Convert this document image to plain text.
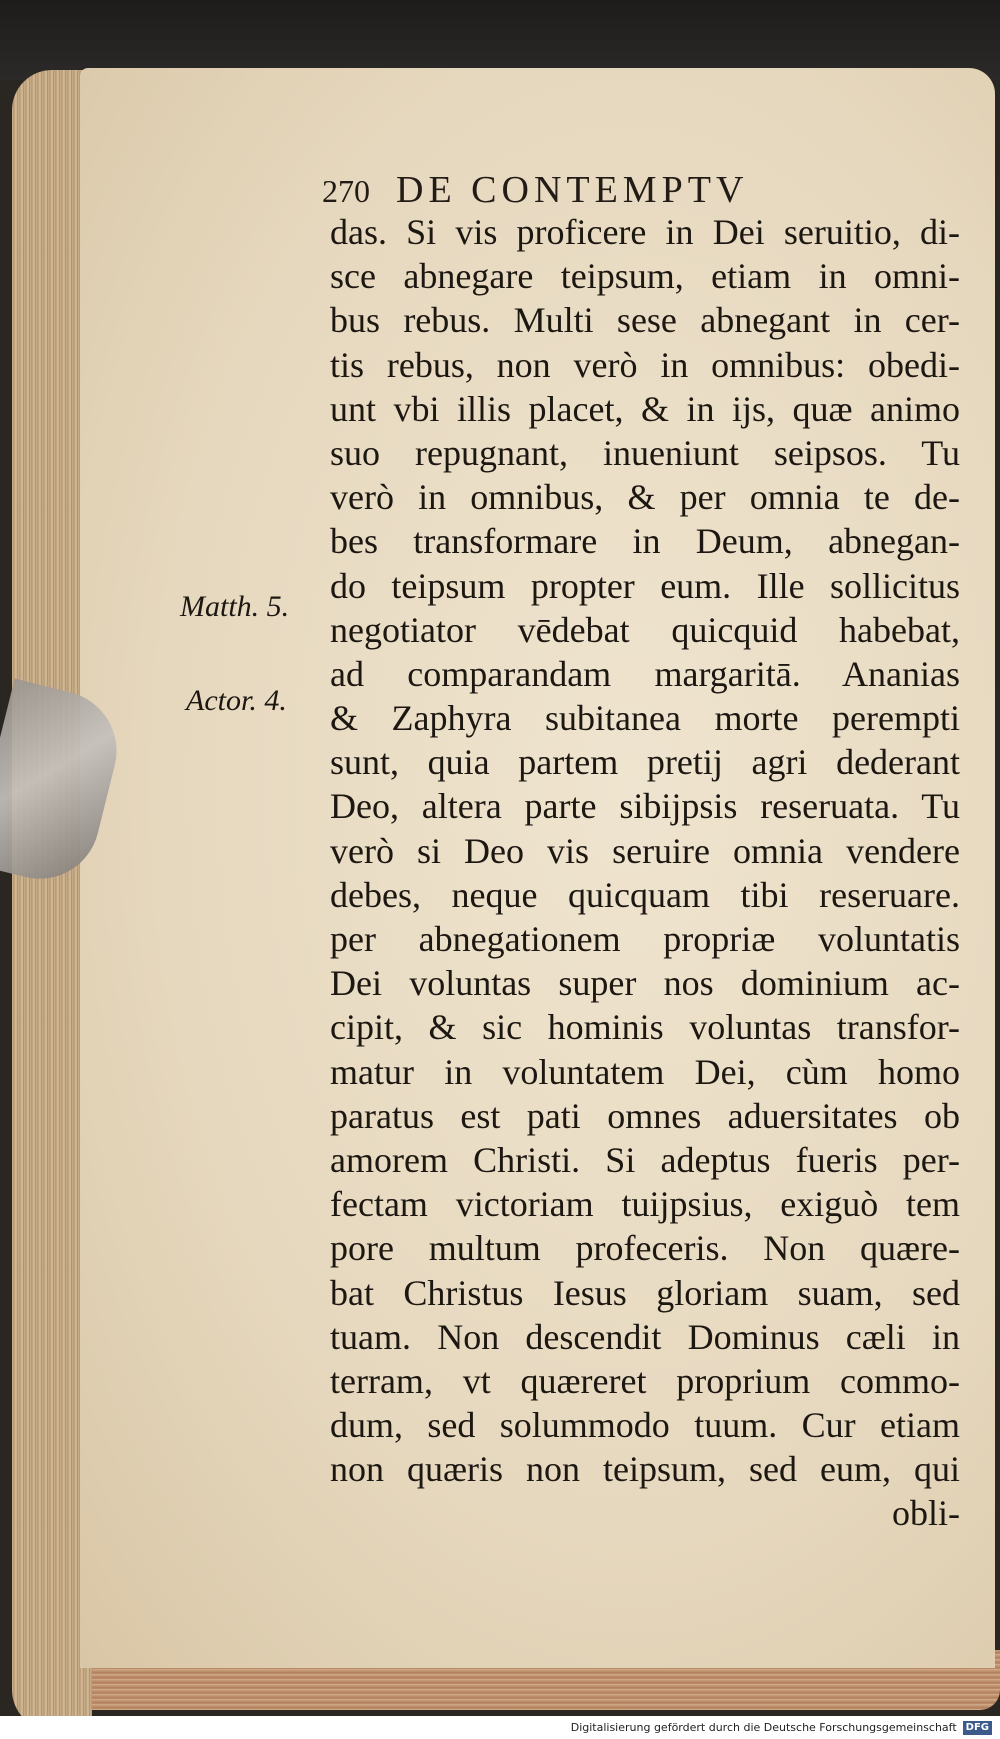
270 DE CONTEMPTV
Matth. 5.
Actor. 4.
das. Si vis proficere in Dei seruitio, di-
sce abnegare teipsum, etiam in omni-
bus rebus. Multi sese abnegant in cer-
tis rebus, non verò in omnibus: obedi-
unt vbi illis placet, & in ijs, quæ animo
suo repugnant, inueniunt seipsos. Tu
verò in omnibus, & per omnia te de-
bes transformare in Deum, abnegan-
do teipsum propter eum. Ille sollicitus
negotiator vēdebat quicquid habebat,
ad comparandam margaritā. Ananias
& Zaphyra subitanea morte perempti
sunt, quia partem pretij agri dederant
Deo, altera parte sibijpsis reseruata. Tu
verò si Deo vis seruire omnia vendere
debes, neque quicquam tibi reseruare.
per abnegationem propriæ voluntatis
Dei voluntas super nos dominium ac-
cipit, & sic hominis voluntas transfor-
matur in voluntatem Dei, cùm homo
paratus est pati omnes aduersitates ob
amorem Christi. Si adeptus fueris per-
fectam victoriam tuijpsius, exiguò tem
pore multum profeceris. Non quære-
bat Christus Iesus gloriam suam, sed
tuam. Non descendit Dominus cæli in
terram, vt quæreret proprium commo-
dum, sed solummodo tuum. Cur etiam
non quæris non teipsum, sed eum, qui
obli-
Digitalisierung gefördert durch die Deutsche Forschungsgemeinschaft DFG
